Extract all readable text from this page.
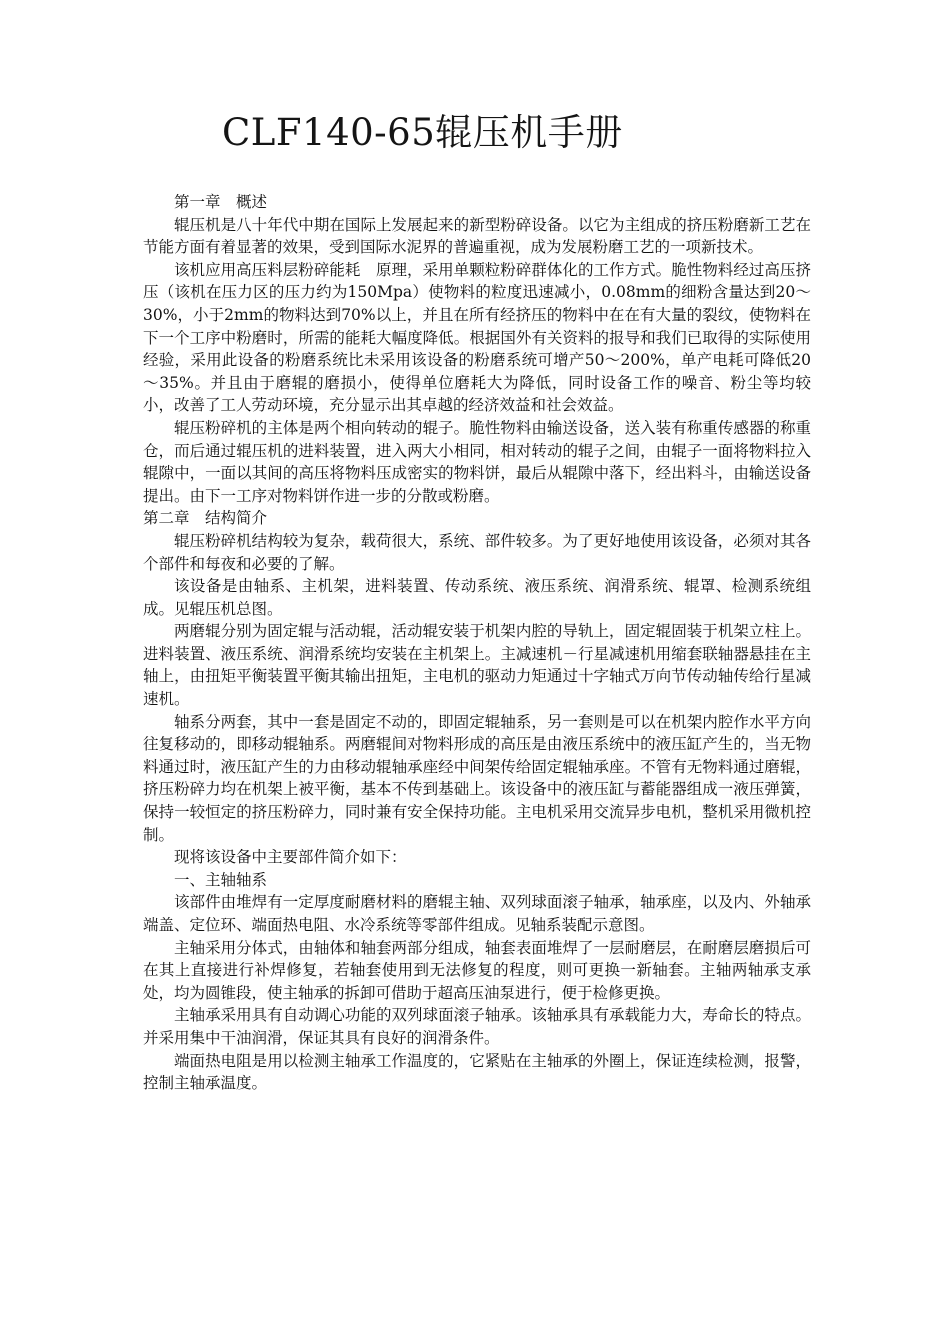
CLF140-65辊压机手册

第一章　概述

辊压机是八十年代中期在国际上发展起来的新型粉碎设备。以它为主组成的挤压粉磨新工艺在节能方面有着显著的效果，受到国际水泥界的普遍重视，成为发展粉磨工艺的一项新技术。

该机应用高压料层粉碎能耗　原理，采用单颗粒粉碎群体化的工作方式。脆性物料经过高压挤压（该机在压力区的压力约为150Mpa）使物料的粒度迅速减小，0.08mm的细粉含量达到20～30%，小于2mm的物料达到70%以上，并且在所有经挤压的物料中在在有大量的裂纹，使物料在下一个工序中粉磨时，所需的能耗大幅度降低。根据国外有关资料的报导和我们已取得的实际使用经验，采用此设备的粉磨系统比未采用该设备的粉磨系统可增产50～200%，单产电耗可降低20～35%。并且由于磨辊的磨损小，使得单位磨耗大为降低，同时设备工作的噪音、粉尘等均较小，改善了工人劳动环境，充分显示出其卓越的经济效益和社会效益。

辊压粉碎机的主体是两个相向转动的辊子。脆性物料由输送设备，送入装有称重传感器的称重仓，而后通过辊压机的进料装置，进入两大小相同，相对转动的辊子之间，由辊子一面将物料拉入辊隙中，一面以其间的高压将物料压成密实的物料饼，最后从辊隙中落下，经出料斗，由输送设备提出。由下一工序对物料饼作进一步的分散或粉磨。

第二章　结构简介

辊压粉碎机结构较为复杂，载荷很大，系统、部件较多。为了更好地使用该设备，必须对其各个部件和每夜和必要的了解。

该设备是由轴系、主机架，进料装置、传动系统、液压系统、润滑系统、辊罩、检测系统组成。见辊压机总图。

两磨辊分别为固定辊与活动辊，活动辊安装于机架内腔的导轨上，固定辊固装于机架立柱上。进料装置、液压系统、润滑系统均安装在主机架上。主减速机－行星减速机用缩套联轴器悬挂在主轴上，由扭矩平衡装置平衡其输出扭矩，主电机的驱动力矩通过十字轴式万向节传动轴传给行星减速机。

轴系分两套，其中一套是固定不动的，即固定辊轴系，另一套则是可以在机架内腔作水平方向往复移动的，即移动辊轴系。两磨辊间对物料形成的高压是由液压系统中的液压缸产生的，当无物料通过时，液压缸产生的力由移动辊轴承座经中间架传给固定辊轴承座。不管有无物料通过磨辊，挤压粉碎力均在机架上被平衡，基本不传到基础上。该设备中的液压缸与蓄能器组成一液压弹簧，保持一较恒定的挤压粉碎力，同时兼有安全保持功能。主电机采用交流异步电机，整机采用微机控制。

现将该设备中主要部件简介如下：

一、主轴轴系

该部件由堆焊有一定厚度耐磨材料的磨辊主轴、双列球面滚子轴承，轴承座，以及内、外轴承端盖、定位环、端面热电阻、水冷系统等零部件组成。见轴系装配示意图。

主轴采用分体式，由轴体和轴套两部分组成，轴套表面堆焊了一层耐磨层，在耐磨层磨损后可在其上直接进行补焊修复，若轴套使用到无法修复的程度，则可更换一新轴套。主轴两轴承支承处，均为圆锥段，使主轴承的拆卸可借助于超高压油泵进行，便于检修更换。

主轴承采用具有自动调心功能的双列球面滚子轴承。该轴承具有承载能力大，寿命长的特点。并采用集中干油润滑，保证其具有良好的润滑条件。

端面热电阻是用以检测主轴承工作温度的，它紧贴在主轴承的外圈上，保证连续检测，报警，控制主轴承温度。
